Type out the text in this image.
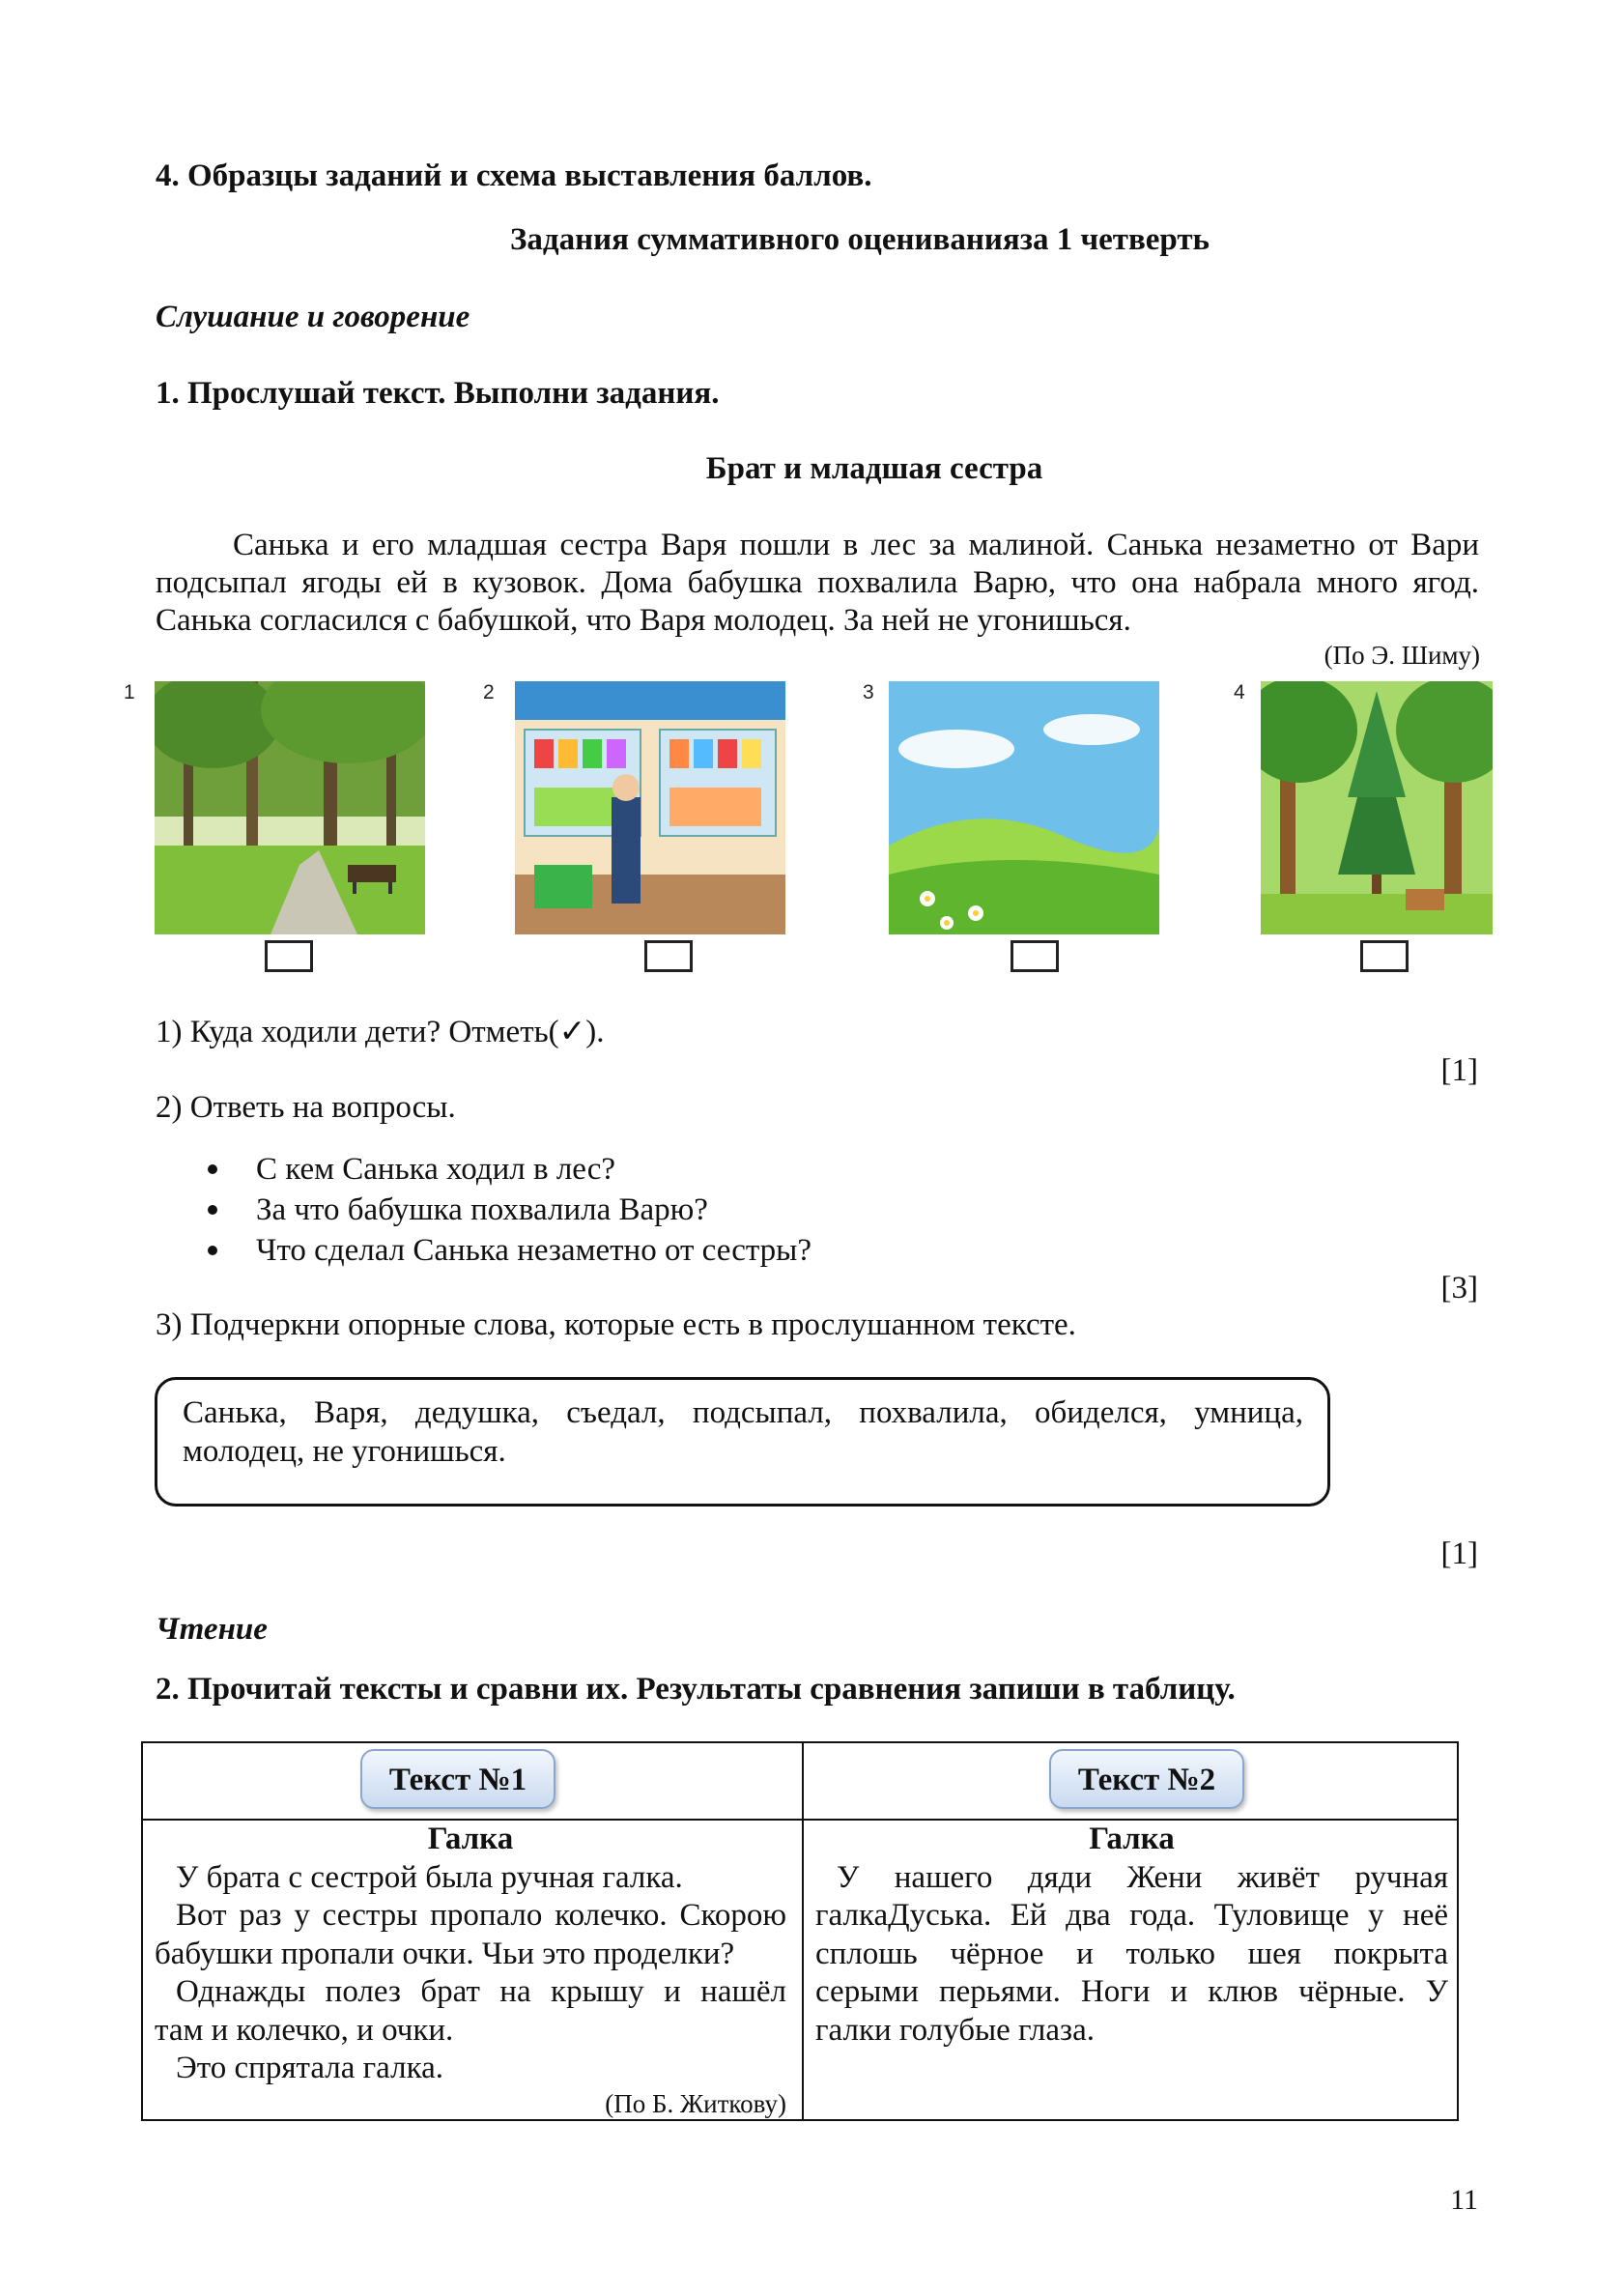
4. Образцы заданий и схема выставления баллов.
Задания суммативного оцениванияза 1 четверть
Слушание и говорение
1. Прослушай текст. Выполни задания.
Брат и младшая сестра
Санька и его младшая сестра Варя пошли в лес за малиной. Санька незаметно от Вари
подсыпал ягоды ей в кузовок. Дома бабушка похвалила Варю, что она набрала много ягод.
Санька согласился с бабушкой, что Варя молодец. За ней не угонишься.
(По Э. Шиму)
1	2	3	4
1) Куда ходили дети? Отметь(✓).
[1]
2) Ответь на вопросы.
С кем Санька ходил в лес?
За что бабушка похвалила Варю?
Что сделал Санька незаметно от сестры?
[3]
3) Подчеркни опорные слова, которые есть в прослушанном тексте.
Санька, Варя, дедушка, съедал, подсыпал, похвалила, обиделся, умница,
молодец, не угонишься.
[1]
Чтение
2. Прочитай тексты и сравни их. Результаты сравнения запиши в таблицу.
Текст №1	Текст №2
Галка
У брата с сестрой была ручная галка.
Вот раз у сестры пропало колечко. Скорою
бабушки пропали очки. Чьи это проделки?
Однажды полез брат на крышу и нашёл
там и колечко, и очки.
Это спрятала галка.
(По Б. Житкову)
Галка
У нашего дяди Жени живёт ручная
галкаДуська. Ей два года. Туловище у неё
сплошь чёрное и только шея покрыта
серыми перьями. Ноги и клюв чёрные. У
галки голубые глаза.
11
